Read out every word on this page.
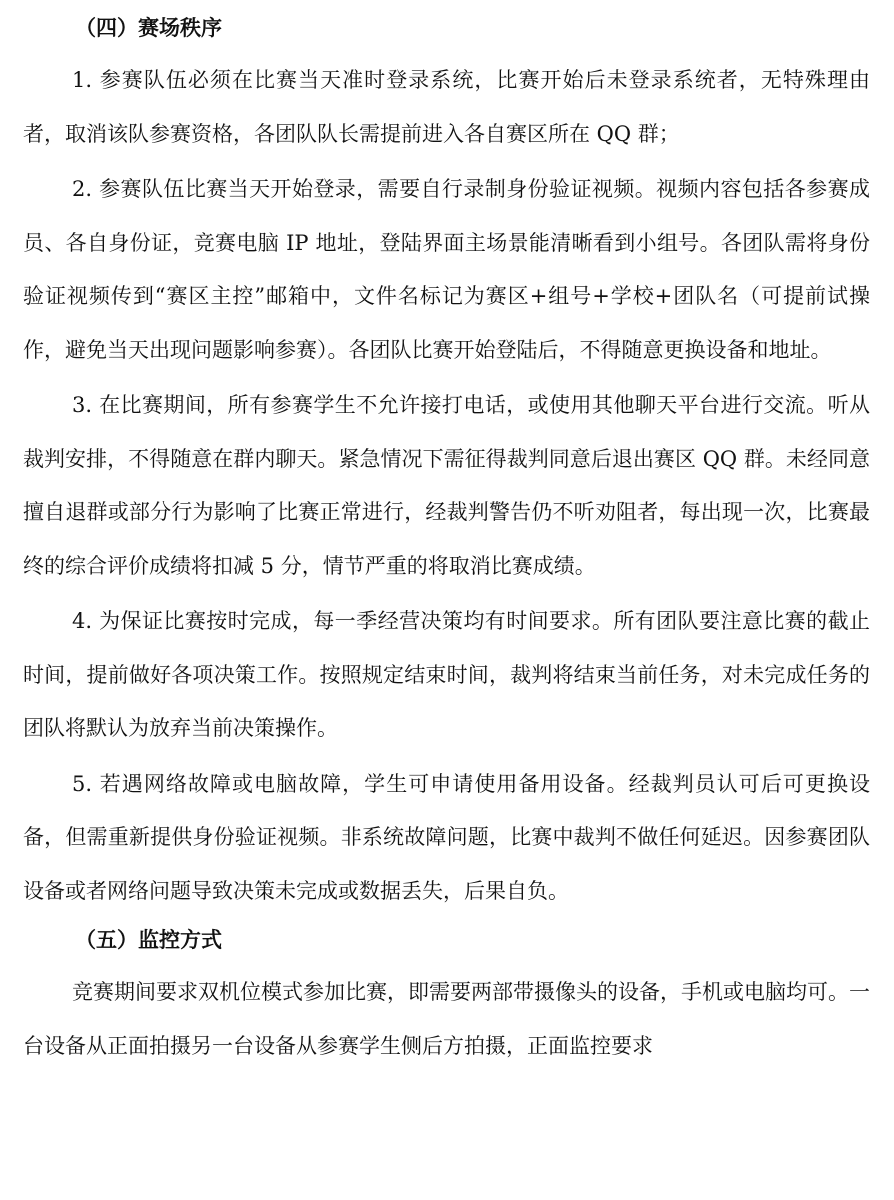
（四）赛场秩序

1. 参赛队伍必须在比赛当天准时登录系统，比赛开始后未登录系统者，无特殊理由者，取消该队参赛资格，各团队队长需提前进入各自赛区所在 QQ 群；

2. 参赛队伍比赛当天开始登录，需要自行录制身份验证视频。视频内容包括各参赛成员、各自身份证，竞赛电脑 IP 地址，登陆界面主场景能清晰看到小组号。各团队需将身份验证视频传到“赛区主控”邮箱中，文件名标记为赛区+组号+学校+团队名（可提前试操作，避免当天出现问题影响参赛）。各团队比赛开始登陆后，不得随意更换设备和地址。

3. 在比赛期间，所有参赛学生不允许接打电话，或使用其他聊天平台进行交流。听从裁判安排，不得随意在群内聊天。紧急情况下需征得裁判同意后退出赛区 QQ 群。未经同意擅自退群或部分行为影响了比赛正常进行，经裁判警告仍不听劝阻者，每出现一次，比赛最终的综合评价成绩将扣减 5 分，情节严重的将取消比赛成绩。

4. 为保证比赛按时完成，每一季经营决策均有时间要求。所有团队要注意比赛的截止时间，提前做好各项决策工作。按照规定结束时间，裁判将结束当前任务，对未完成任务的团队将默认为放弃当前决策操作。

5. 若遇网络故障或电脑故障，学生可申请使用备用设备。经裁判员认可后可更换设备，但需重新提供身份验证视频。非系统故障问题，比赛中裁判不做任何延迟。因参赛团队设备或者网络问题导致决策未完成或数据丢失，后果自负。

（五）监控方式

竞赛期间要求双机位模式参加比赛，即需要两部带摄像头的设备，手机或电脑均可。一台设备从正面拍摄另一台设备从参赛学生侧后方拍摄，正面监控要求
